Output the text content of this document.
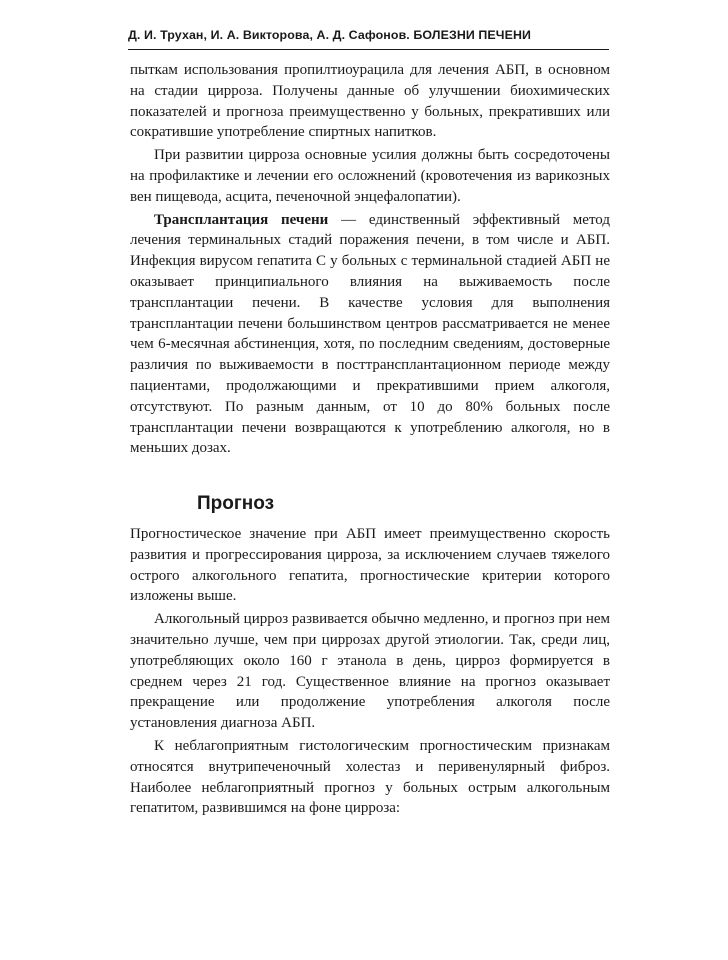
Д. И. Трухан, И. А. Викторова, А. Д. Сафонов. БОЛЕЗНИ ПЕЧЕНИ

пыткам использования пропилтиоурацила для лечения АБП, в основном на стадии цирроза. Получены данные об улучшении биохимических показателей и прогноза преимущественно у больных, прекративших или сократившие употребление спиртных напитков.

При развитии цирроза основные усилия должны быть сосредоточены на профилактике и лечении его осложнений (кровотечения из варикозных вен пищевода, асцита, печеночной энцефалопатии).

Трансплантация печени — единственный эффективный метод лечения терминальных стадий поражения печени, в том числе и АБП. Инфекция вирусом гепатита С у больных с терминальной стадией АБП не оказывает принципиального влияния на выживаемость после трансплантации печени. В качестве условия для выполнения трансплантации печени большинством центров рассматривается не менее чем 6-месячная абстиненция, хотя, по последним сведениям, достоверные различия по выживаемости в посттрансплантационном периоде между пациентами, продолжающими и прекратившими прием алкоголя, отсутствуют. По разным данным, от 10 до 80% больных после трансплантации печени возвращаются к употреблению алкоголя, но в меньших дозах.

Прогноз

Прогностическое значение при АБП имеет преимущественно скорость развития и прогрессирования цирроза, за исключением случаев тяжелого острого алкогольного гепатита, прогностические критерии которого изложены выше.

Алкогольный цирроз развивается обычно медленно, и прогноз при нем значительно лучше, чем при циррозах другой этиологии. Так, среди лиц, употребляющих около 160 г этанола в день, цирроз формируется в среднем через 21 год. Существенное влияние на прогноз оказывает прекращение или продолжение употребления алкоголя после установления диагноза АБП.

К неблагоприятным гистологическим прогностическим признакам относятся внутрипеченочный холестаз и перивенулярный фиброз. Наиболее неблагоприятный прогноз у больных острым алкогольным гепатитом, развившимся на фоне цирроза:
